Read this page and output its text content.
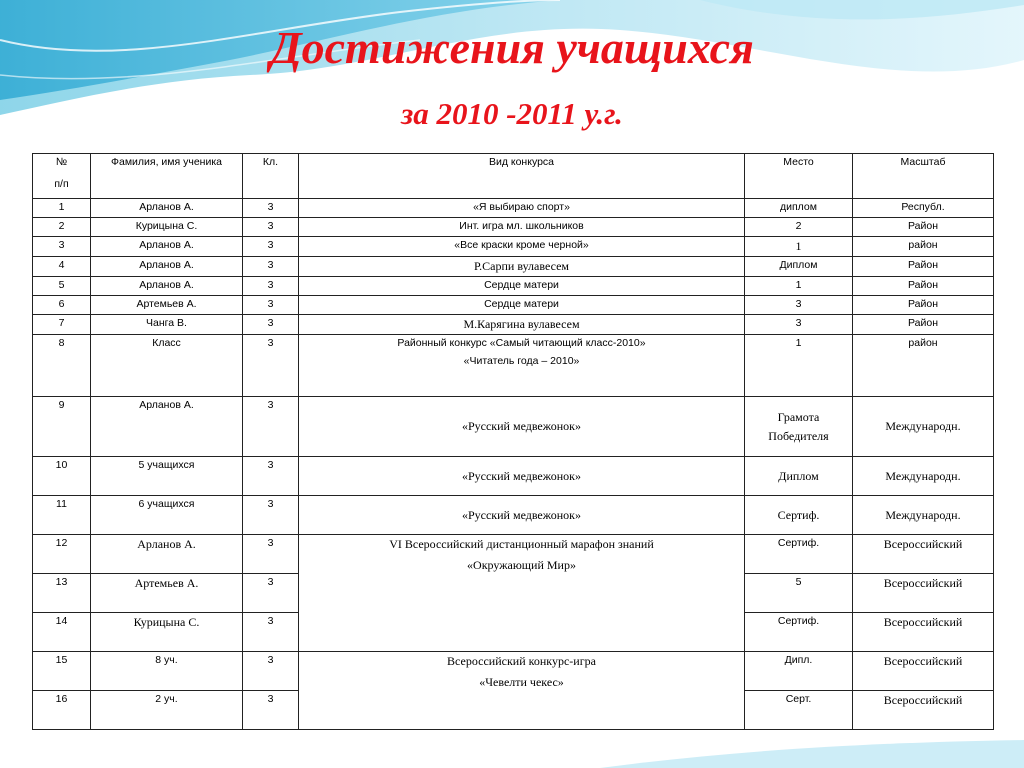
Достижения учащихся
за 2010 -2011 у.г.
№
п/п	Фамилия, имя ученика	Кл.	Вид конкурса	Место	Масштаб
1	Арланов А.	3	«Я выбираю спорт»	диплом	Республ.
2	Курицына С.	3	Инт. игра мл. школьников	2	Район
3	Арланов А.	3	«Все краски кроме черной»	1	район
4	Арланов А.	3	Р.Сарпи вулавесем	Диплом	Район
5	Арланов А.	3	Сердце матери	1	Район
6	Артемьев А.	3	Сердце матери	3	Район
7	Чанга В.	3	М.Карягина вулавесем	3	Район
8	Класс	3	Районный конкурс «Самый читающий класс-2010»
«Читатель года – 2010»	1	район
9	Арланов А.	3	«Русский медвежонок»	Грамота
Победителя	Международн.
10	5 учащихся	3	«Русский медвежонок»	Диплом	Международн.
11	6 учащихся	3	«Русский медвежонок»	Сертиф.	Международн.
12	Арланов А.	3	VI Всероссийский дистанционный марафон знаний
«Окружающий Мир»	Сертиф.	Всероссийский
13	Артемьев А.	3		5	Всероссийский
14	Курицына С.	3		Сертиф.	Всероссийский
15	8 уч.	3	Всероссийский конкурс-игра
«Чевелти чекес»	Дипл.	Всероссийский
16	2 уч.	3		Серт.	Всероссийский
